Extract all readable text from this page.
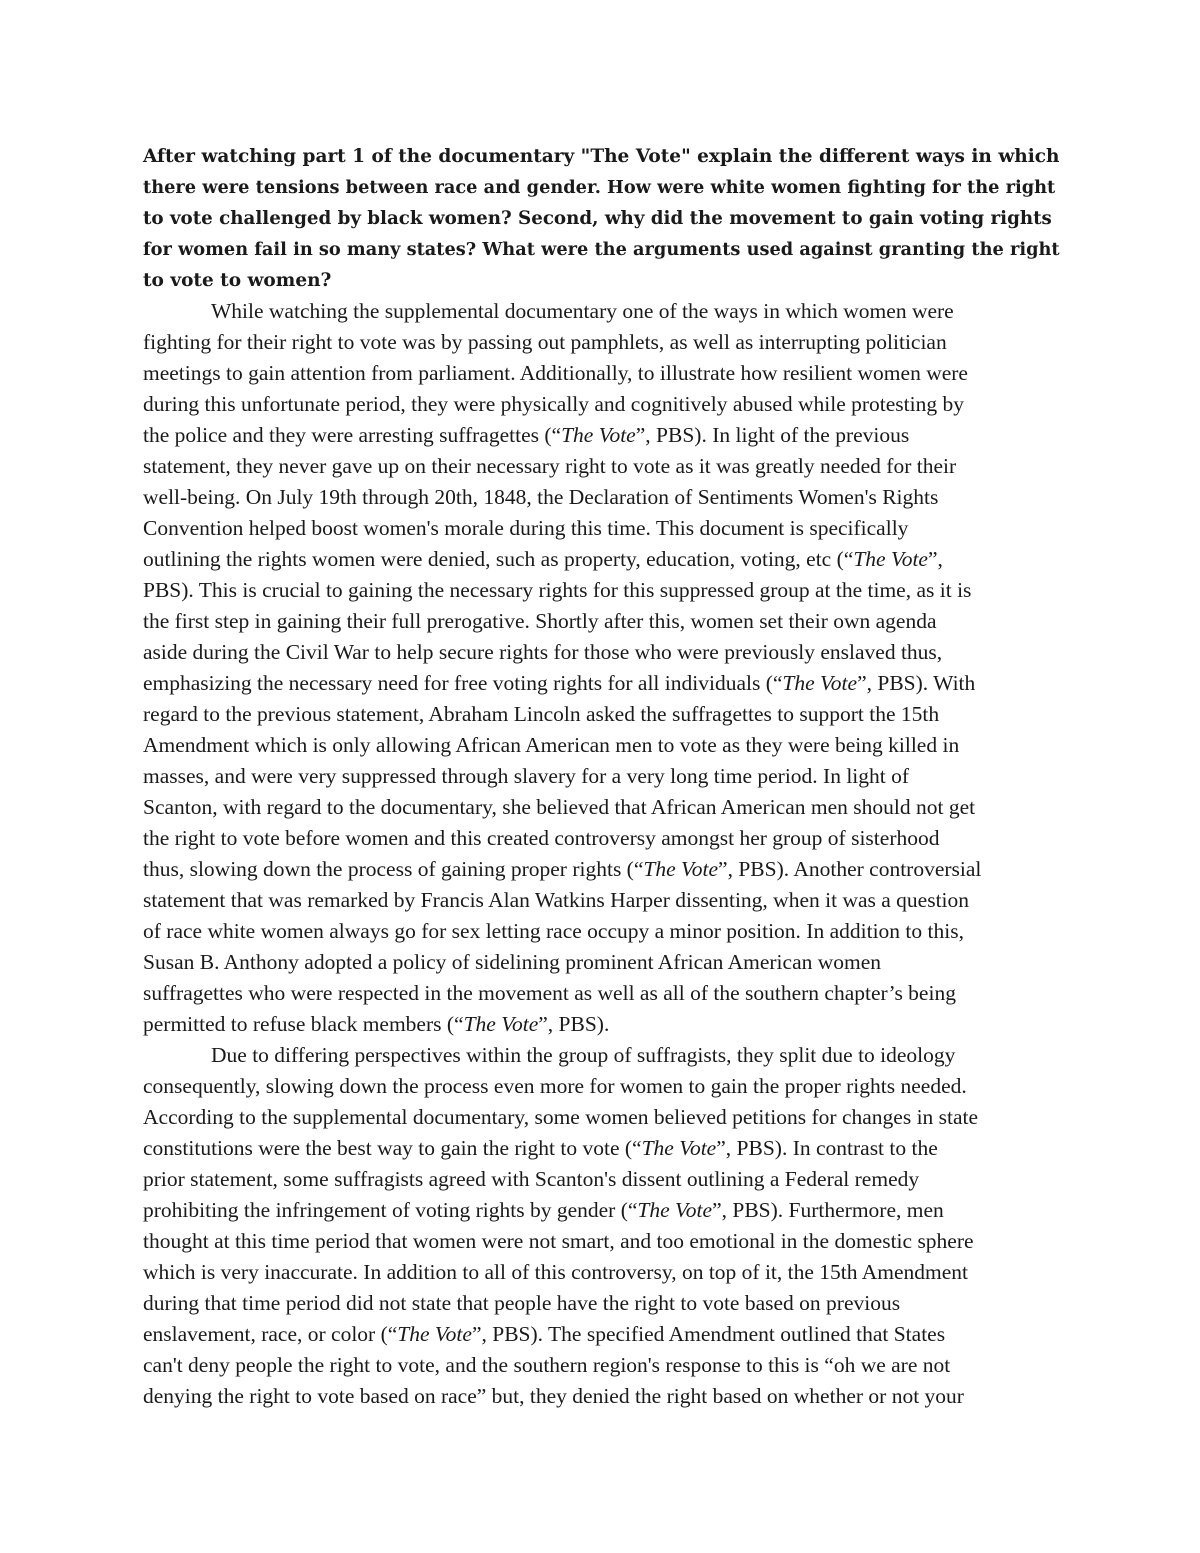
After watching part 1 of the documentary "The Vote" explain the different ways in which
there were tensions between race and gender. How were white women fighting for the right
to vote challenged by black women? Second, why did the movement to gain voting rights
for women fail in so many states? What were the arguments used against granting the right
to vote to women?
While watching the supplemental documentary one of the ways in which women were
fighting for their right to vote was by passing out pamphlets, as well as interrupting politician
meetings to gain attention from parliament. Additionally, to illustrate how resilient women were
during this unfortunate period, they were physically and cognitively abused while protesting by
the police and they were arresting suffragettes (“The Vote”, PBS). In light of the previous
statement, they never gave up on their necessary right to vote as it was greatly needed for their
well-being. On July 19th through 20th, 1848, the Declaration of Sentiments Women's Rights
Convention helped boost women's morale during this time. This document is specifically
outlining the rights women were denied, such as property, education, voting, etc (“The Vote”,
PBS). This is crucial to gaining the necessary rights for this suppressed group at the time, as it is
the first step in gaining their full prerogative. Shortly after this, women set their own agenda
aside during the Civil War to help secure rights for those who were previously enslaved thus,
emphasizing the necessary need for free voting rights for all individuals (“The Vote”, PBS). With
regard to the previous statement, Abraham Lincoln asked the suffragettes to support the 15th
Amendment which is only allowing African American men to vote as they were being killed in
masses, and were very suppressed through slavery for a very long time period. In light of
Scanton, with regard to the documentary, she believed that African American men should not get
the right to vote before women and this created controversy amongst her group of sisterhood
thus, slowing down the process of gaining proper rights (“The Vote”, PBS). Another controversial
statement that was remarked by Francis Alan Watkins Harper dissenting, when it was a question
of race white women always go for sex letting race occupy a minor position. In addition to this,
Susan B. Anthony adopted a policy of sidelining prominent African American women
suffragettes who were respected in the movement as well as all of the southern chapter’s being
permitted to refuse black members (“The Vote”, PBS).
Due to differing perspectives within the group of suffragists, they split due to ideology
consequently, slowing down the process even more for women to gain the proper rights needed.
According to the supplemental documentary, some women believed petitions for changes in state
constitutions were the best way to gain the right to vote (“The Vote”, PBS). In contrast to the
prior statement, some suffragists agreed with Scanton's dissent outlining a Federal remedy
prohibiting the infringement of voting rights by gender (“The Vote”, PBS). Furthermore, men
thought at this time period that women were not smart, and too emotional in the domestic sphere
which is very inaccurate. In addition to all of this controversy, on top of it, the 15th Amendment
during that time period did not state that people have the right to vote based on previous
enslavement, race, or color (“The Vote”, PBS). The specified Amendment outlined that States
can't deny people the right to vote, and the southern region's response to this is “oh we are not
denying the right to vote based on race” but, they denied the right based on whether or not your
